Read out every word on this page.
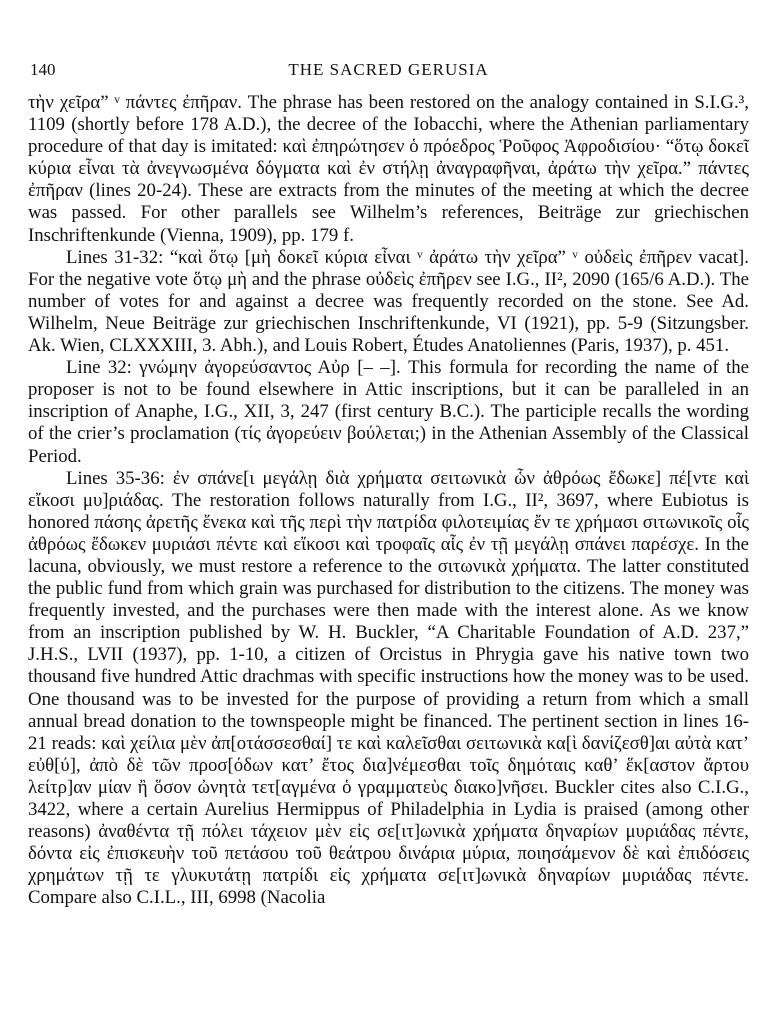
140	THE SACRED GERUSIA

τὴν χεῖρα” ᵛ πάντες ἐπῆραν. The phrase has been restored on the analogy contained in S.I.G.³, 1109 (shortly before 178 A.D.), the decree of the Iobacchi, where the Athenian parliamentary procedure of that day is imitated: καὶ ἐπηρώτησεν ὁ πρόεδρος Ῥοῦφος Ἀφροδισίου· “ὅτῳ δοκεῖ κύρια εἶναι τὰ ἀνεγνωσμένα δόγματα καὶ ἐν στήλῃ ἀναγραφῆναι, ἀράτω τὴν χεῖρα.” πάντες ἐπῆραν (lines 20-24). These are extracts from the minutes of the meeting at which the decree was passed. For other parallels see Wilhelm’s references, Beiträge zur griechischen Inschriftenkunde (Vienna, 1909), pp. 179 f.

Lines 31-32: “καὶ ὅτῳ [μὴ δοκεῖ κύρια εἶναι ᵛ ἀράτω τὴν χεῖρα” ᵛ οὐδεὶς ἐπῆρεν vacat]. For the negative vote ὅτῳ μὴ and the phrase οὐδεὶς ἐπῆρεν see I.G., II², 2090 (165/6 A.D.). The number of votes for and against a decree was frequently recorded on the stone. See Ad. Wilhelm, Neue Beiträge zur griechischen Inschriftenkunde, VI (1921), pp. 5-9 (Sitzungsber. Ak. Wien, CLXXXIII, 3. Abh.), and Louis Robert, Études Anatoliennes (Paris, 1937), p. 451.

Line 32: γνώμην ἀγορεύσαντος Αὐρ [– –]. This formula for recording the name of the proposer is not to be found elsewhere in Attic inscriptions, but it can be paralleled in an inscription of Anaphe, I.G., XII, 3, 247 (first century B.C.). The participle recalls the wording of the crier’s proclamation (τίς ἀγορεύειν βούλεται;) in the Athenian Assembly of the Classical Period.

Lines 35-36: ἐν σπάνε[ι μεγάλῃ διὰ χρήματα σειτωνικὰ ὧν ἀθρόως ἔδωκε] πέ[ντε καὶ εἴκοσι μυ]ριάδας. The restoration follows naturally from I.G., II², 3697, where Eubiotus is honored πάσης ἀρετῆς ἕνεκα καὶ τῆς περὶ τὴν πατρίδα φιλοτειμίας ἔν τε χρήμασι σιτωνικοῖς οἷς ἀθρόως ἔδωκεν μυριάσι πέντε καὶ εἴκοσι καὶ τροφαῖς αἷς ἐν τῇ μεγάλῃ σπάνει παρέσχε. In the lacuna, obviously, we must restore a reference to the σιτωνικὰ χρήματα. The latter constituted the public fund from which grain was purchased for distribution to the citizens. The money was frequently invested, and the purchases were then made with the interest alone. As we know from an inscription published by W. H. Buckler, “A Charitable Foundation of A.D. 237,” J.H.S., LVII (1937), pp. 1-10, a citizen of Orcistus in Phrygia gave his native town two thousand five hundred Attic drachmas with specific instructions how the money was to be used. One thousand was to be invested for the purpose of providing a return from which a small annual bread donation to the townspeople might be financed. The pertinent section in lines 16-21 reads: καὶ χείλια μὲν ἀπ[οτάσσεσθαί] τε καὶ καλεῖσθαι σειτωνικὰ κα[ὶ δανίζεσθ]αι αὐτὰ κατ’ εὐθ[ύ], ἀπὸ δὲ τῶν προσ[όδων κατ’ ἔτος δια]νέμεσθαι τοῖς δημόταις καθ’ ἕκ[αστον ἄρτου λείτρ]αν μίαν ἢ ὅσον ὠνητὰ τετ[αγμένα ὁ γραμματεὺς διακο]νῆσει. Buckler cites also C.I.G., 3422, where a certain Aurelius Hermippus of Philadelphia in Lydia is praised (among other reasons) ἀναθέντα τῇ πόλει τάχειον μὲν εἰς σε[ιτ]ωνικὰ χρήματα δηναρίων μυριάδας πέντε, δόντα εἰς ἐπισκευὴν τοῦ πετάσου τοῦ θεάτρου δινάρια μύρια, ποιησάμενον δὲ καὶ ἐπιδόσεις χρημάτων τῇ τε γλυκυτάτῃ πατρίδι εἰς χρήματα σε[ιτ]ωνικὰ δηναρίων μυριάδας πέντε. Compare also C.I.L., III, 6998 (Nacolia
